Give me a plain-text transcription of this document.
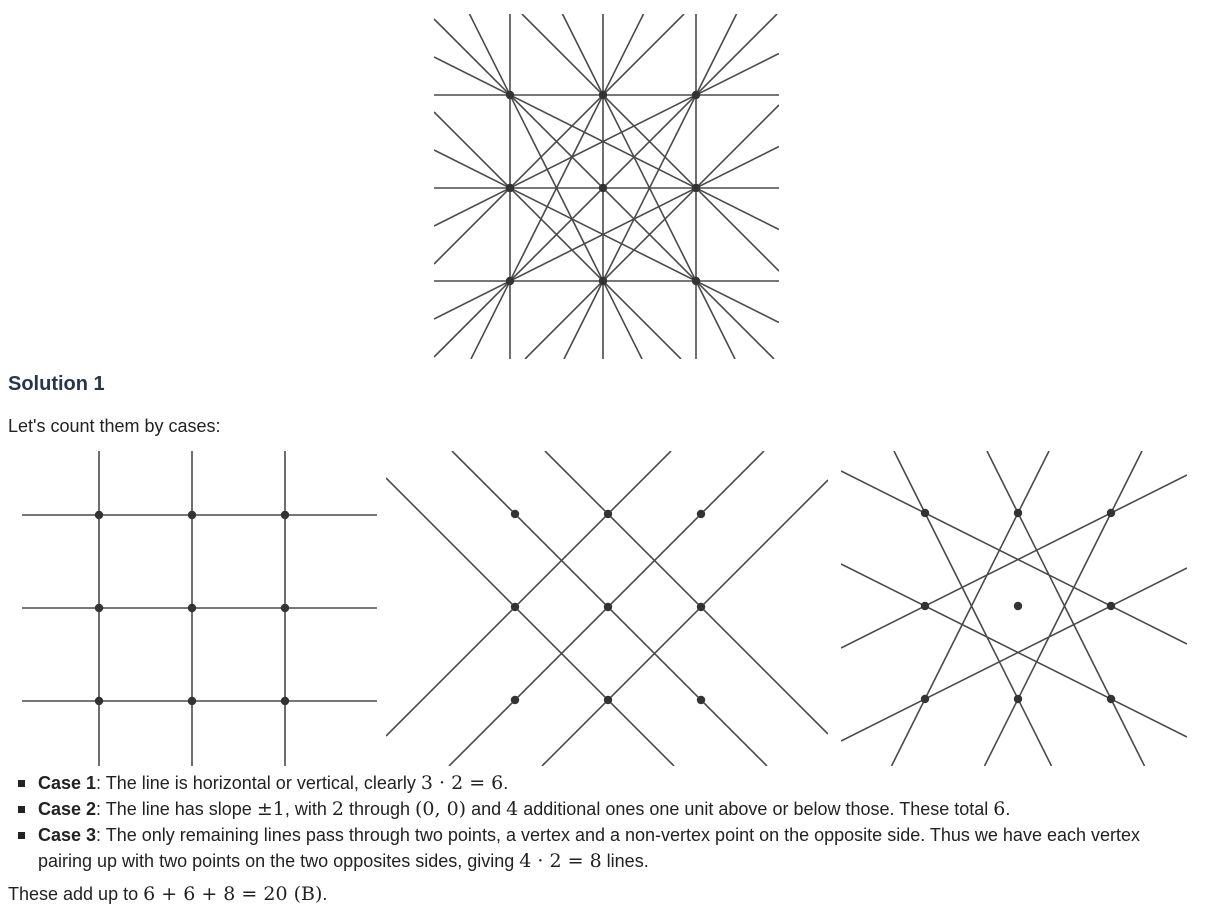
Solution 1

Let's count them by cases:

Case 1: The line is horizontal or vertical, clearly 3 · 2 = 6.
Case 2: The line has slope ±1, with 2 through (0, 0) and 4 additional ones one unit above or below those. These total 6.
Case 3: The only remaining lines pass through two points, a vertex and a non-vertex point on the opposite side. Thus we have each vertex pairing up with two points on the two opposites sides, giving 4 · 2 = 8 lines.

These add up to 6 + 6 + 8 = 20 (B).
